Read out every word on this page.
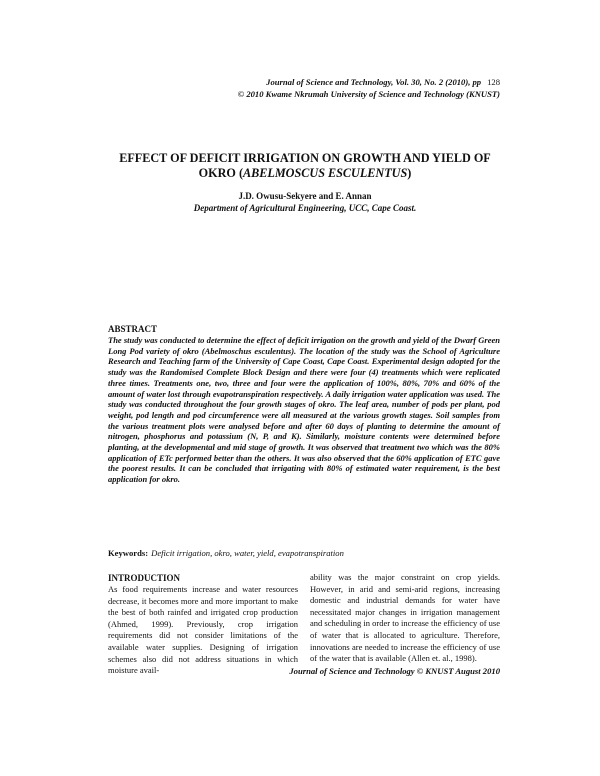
Journal of Science and Technology, Vol. 30, No. 2 (2010), pp 128
© 2010 Kwame Nkrumah University of Science and Technology (KNUST)
EFFECT OF DEFICIT IRRIGATION ON GROWTH AND YIELD OF OKRO (ABELMOSCUS ESCULENTUS)
J.D. Owusu-Sekyere and E. Annan
Department of Agricultural Engineering, UCC, Cape Coast.
ABSTRACT

The study was conducted to determine the effect of deficit irrigation on the growth and yield of the Dwarf Green Long Pod variety of okro (Abelmoschus esculentus). The location of the study was the School of Agriculture Research and Teaching farm of the University of Cape Coast, Cape Coast. Experimental design adopted for the study was the Randomised Complete Block Design and there were four (4) treatments which were replicated three times. Treatments one, two, three and four were the application of 100%, 80%, 70% and 60% of the amount of water lost through evapotranspiration respectively. A daily irrigation water application was used. The study was conducted throughout the four growth stages of okro. The leaf area, number of pods per plant, pod weight, pod length and pod circumference were all measured at the various growth stages. Soil samples from the various treatment plots were analysed before and after 60 days of planting to determine the amount of nitrogen, phosphorus and potassium (N, P, and K). Similarly, moisture contents were determined before planting, at the developmental and mid stage of growth. It was observed that treatment two which was the 80% application of ETc performed better than the others. It was also observed that the 60% application of ETC gave the poorest results. It can be concluded that irrigating with 80% of estimated water requirement, is the best application for okro.

Keywords: Deficit irrigation, okro, water, yield, evapotranspiration
INTRODUCTION

As food requirements increase and water resources decrease, it becomes more and more important to make the best of both rainfed and irrigated crop production (Ahmed, 1999). Previously, crop irrigation requirements did not consider limitations of the available water supplies. Designing of irrigation schemes also did not address situations in which moisture avail-

ability was the major constraint on crop yields. However, in arid and semi-arid regions, increasing domestic and industrial demands for water have necessitated major changes in irrigation management and scheduling in order to increase the efficiency of use of water that is allocated to agriculture. Therefore, innovations are needed to increase the efficiency of use of the water that is available (Allen et. al., 1998).

Journal of Science and Technology © KNUST August 2010
